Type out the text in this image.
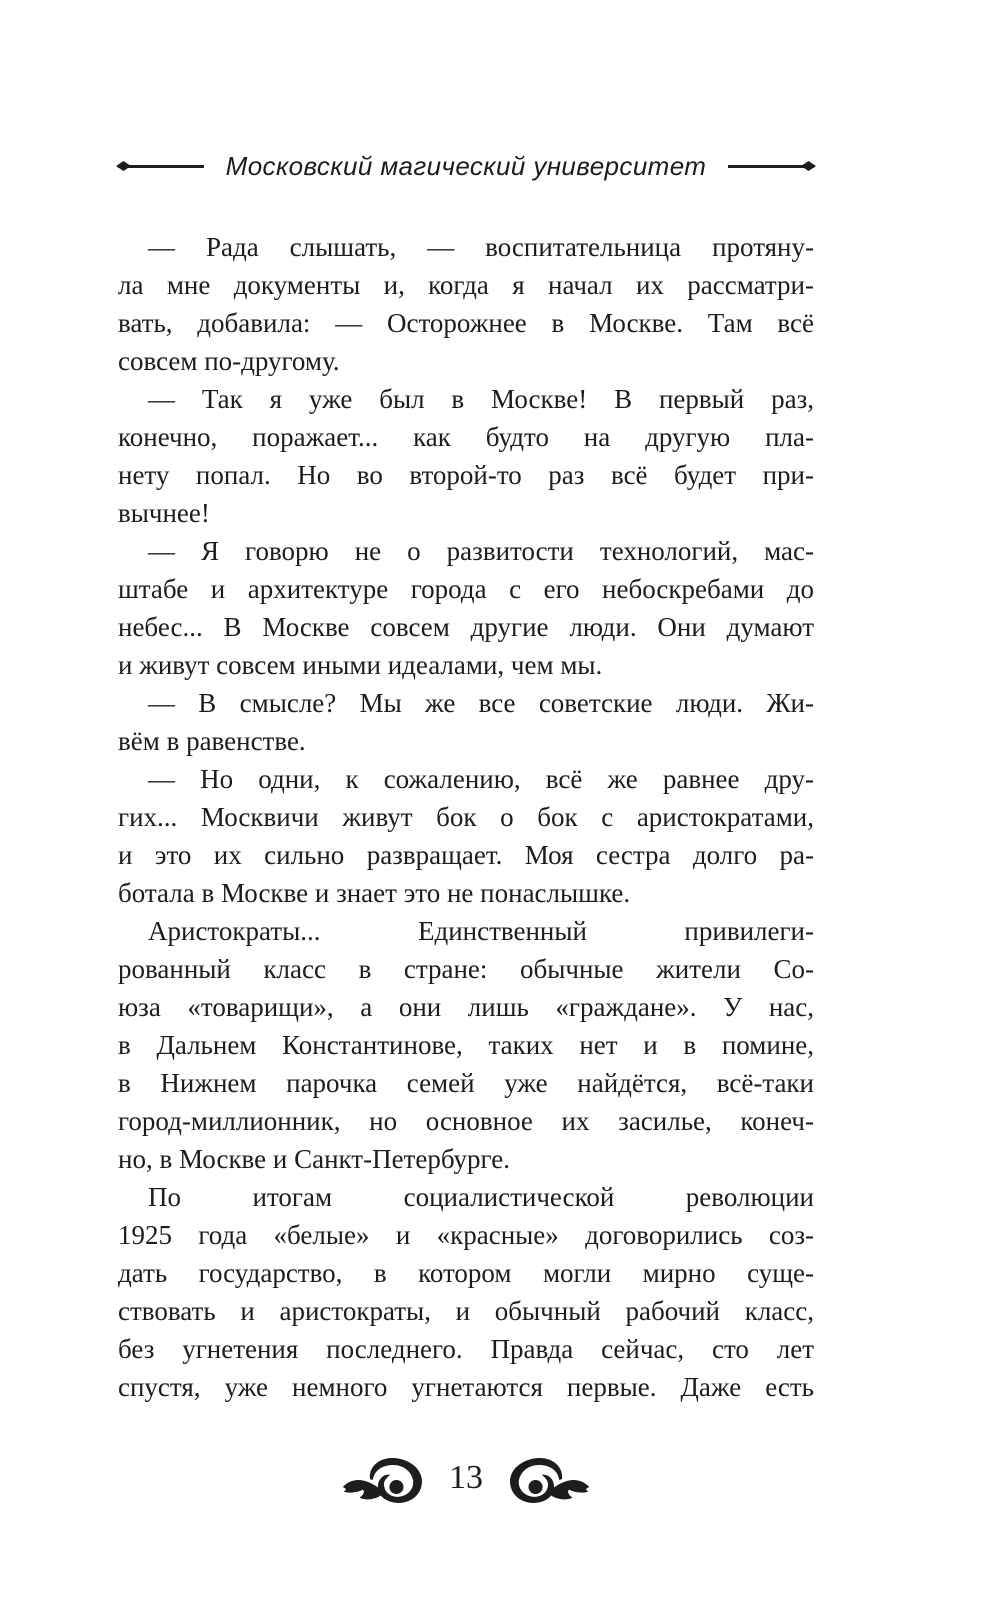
Московский магический университет
— Рада слышать, — воспитательница протяну-
ла мне документы и, когда я начал их рассматри-
вать, добавила: — Осторожнее в Москве. Там всё
совсем по-другому.
— Так я уже был в Москве! В первый раз,
конечно, поражает... как будто на другую пла-
нету попал. Но во второй-то раз всё будет при-
вычнее!
— Я говорю не о развитости технологий, мас-
штабе и архитектуре города с его небоскребами до
небес... В Москве совсем другие люди. Они думают
и живут совсем иными идеалами, чем мы.
— В смысле? Мы же все советские люди. Жи-
вём в равенстве.
— Но одни, к сожалению, всё же равнее дру-
гих... Москвичи живут бок о бок с аристократами,
и это их сильно развращает. Моя сестра долго ра-
ботала в Москве и знает это не понаслышке.
Аристократы... Единственный привилеги-
рованный класс в стране: обычные жители Со-
юза «товарищи», а они лишь «граждане». У нас,
в Дальнем Константинове, таких нет и в помине,
в Нижнем парочка семей уже найдётся, всё-таки
город-миллионник, но основное их засилье, конеч-
но, в Москве и Санкт-Петербурге.
По итогам социалистической революции
1925 года «белые» и «красные» договорились соз-
дать государство, в котором могли мирно суще-
ствовать и аристократы, и обычный рабочий класс,
без угнетения последнего. Правда сейчас, сто лет
спустя, уже немного угнетаются первые. Даже есть
13
